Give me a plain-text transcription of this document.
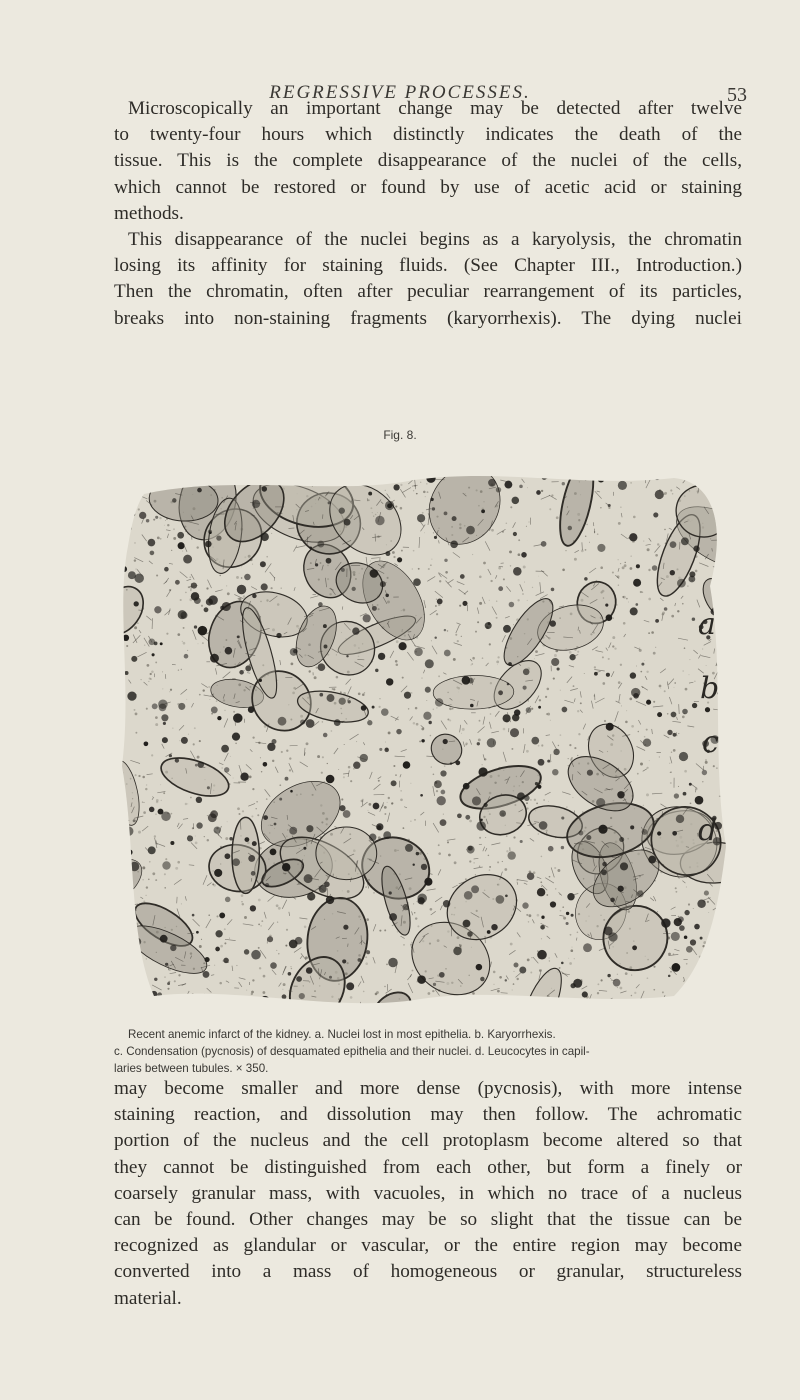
REGRESSIVE PROCESSES.	53
Microscopically an important change may be detected after twelve
to twenty-four hours which distinctly indicates the death of the
tissue. This is the complete disappearance of the nuclei of the cells,
which cannot be restored or found by use of acetic acid or staining
methods.
This disappearance of the nuclei begins as a karyolysis, the chromatin
losing its affinity for staining fluids. (See Chapter III., Introduction.)
Then the chromatin, often after peculiar rearrangement of its particles,
breaks into non-staining fragments (karyorrhexis). The dying nuclei
Fig. 8.
a
b
c
d
Recent anemic infarct of the kidney. a. Nuclei lost in most epithelia. b. Karyorrhexis.
c. Condensation (pycnosis) of desquamated epithelia and their nuclei. d. Leucocytes in capil-
laries between tubules. × 350.
may become smaller and more dense (pycnosis), with more intense
staining reaction, and dissolution may then follow. The achromatic
portion of the nucleus and the cell protoplasm become altered so that
they cannot be distinguished from each other, but form a finely or
coarsely granular mass, with vacuoles, in which no trace of a nucleus
can be found. Other changes may be so slight that the tissue can be
recognized as glandular or vascular, or the entire region may become
converted into a mass of homogeneous or granular, structureless
material.
